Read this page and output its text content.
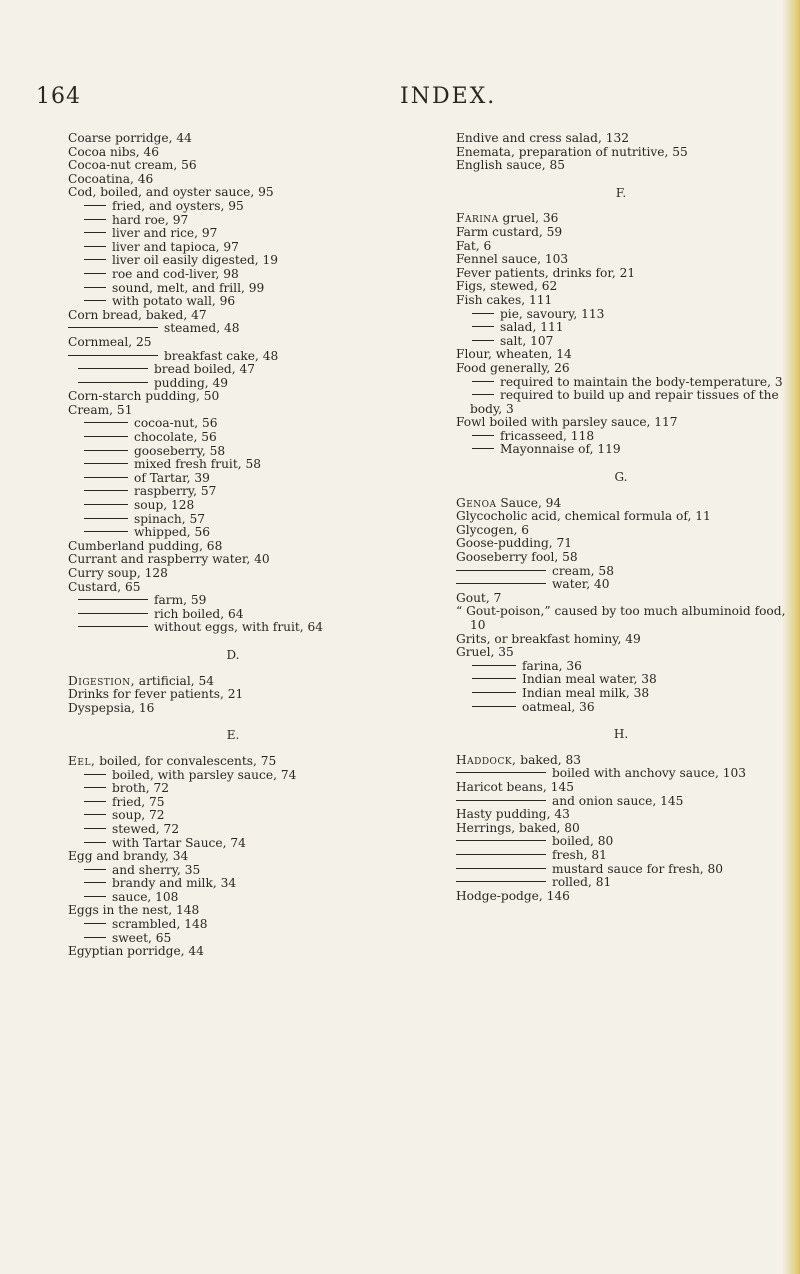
164	INDEX.
Coarse porridge, 44
Cocoa nibs, 46
Cocoa-nut cream, 56
Cocoatina, 46
Cod, boiled, and oyster sauce, 95
fried, and oysters, 95
hard roe, 97
liver and rice, 97
liver and tapioca, 97
liver oil easily digested, 19
roe and cod-liver, 98
sound, melt, and frill, 99
with potato wall, 96
Corn bread, baked, 47
steamed, 48
Cornmeal, 25
breakfast cake, 48
bread boiled, 47
pudding, 49
Corn-starch pudding, 50
Cream, 51
cocoa-nut, 56
chocolate, 56
gooseberry, 58
mixed fresh fruit, 58
of Tartar, 39
raspberry, 57
soup, 128
spinach, 57
whipped, 56
Cumberland pudding, 68
Currant and raspberry water, 40
Curry soup, 128
Custard, 65
farm, 59
rich boiled, 64
without eggs, with fruit, 64
D.
Digestion, artificial, 54
Drinks for fever patients, 21
Dyspepsia, 16
E.
Eel, boiled, for convalescents, 75
boiled, with parsley sauce, 74
broth, 72
fried, 75
soup, 72
stewed, 72
with Tartar Sauce, 74
Egg and brandy, 34
and sherry, 35
brandy and milk, 34
sauce, 108
Eggs in the nest, 148
scrambled, 148
sweet, 65
Egyptian porridge, 44
Endive and cress salad, 132
Enemata, preparation of nutritive, 55
English sauce, 85
F.
Farina gruel, 36
Farm custard, 59
Fat, 6
Fennel sauce, 103
Fever patients, drinks for, 21
Figs, stewed, 62
Fish cakes, 111
pie, savoury, 113
salad, 111
salt, 107
Flour, wheaten, 14
Food generally, 26
required to maintain the body-temperature, 3
required to build up and repair tissues of the body, 3
Fowl boiled with parsley sauce, 117
fricasseed, 118
Mayonnaise of, 119
G.
Genoa Sauce, 94
Glycocholic acid, chemical formula of, 11
Glycogen, 6
Goose-pudding, 71
Gooseberry fool, 58
cream, 58
water, 40
Gout, 7
“ Gout-poison,” caused by too much albuminoid food, 10
Grits, or breakfast hominy, 49
Gruel, 35
farina, 36
Indian meal water, 38
Indian meal milk, 38
oatmeal, 36
H.
Haddock, baked, 83
boiled with anchovy sauce, 103
Haricot beans, 145
and onion sauce, 145
Hasty pudding, 43
Herrings, baked, 80
boiled, 80
fresh, 81
mustard sauce for fresh, 80
rolled, 81
Hodge-podge, 146
